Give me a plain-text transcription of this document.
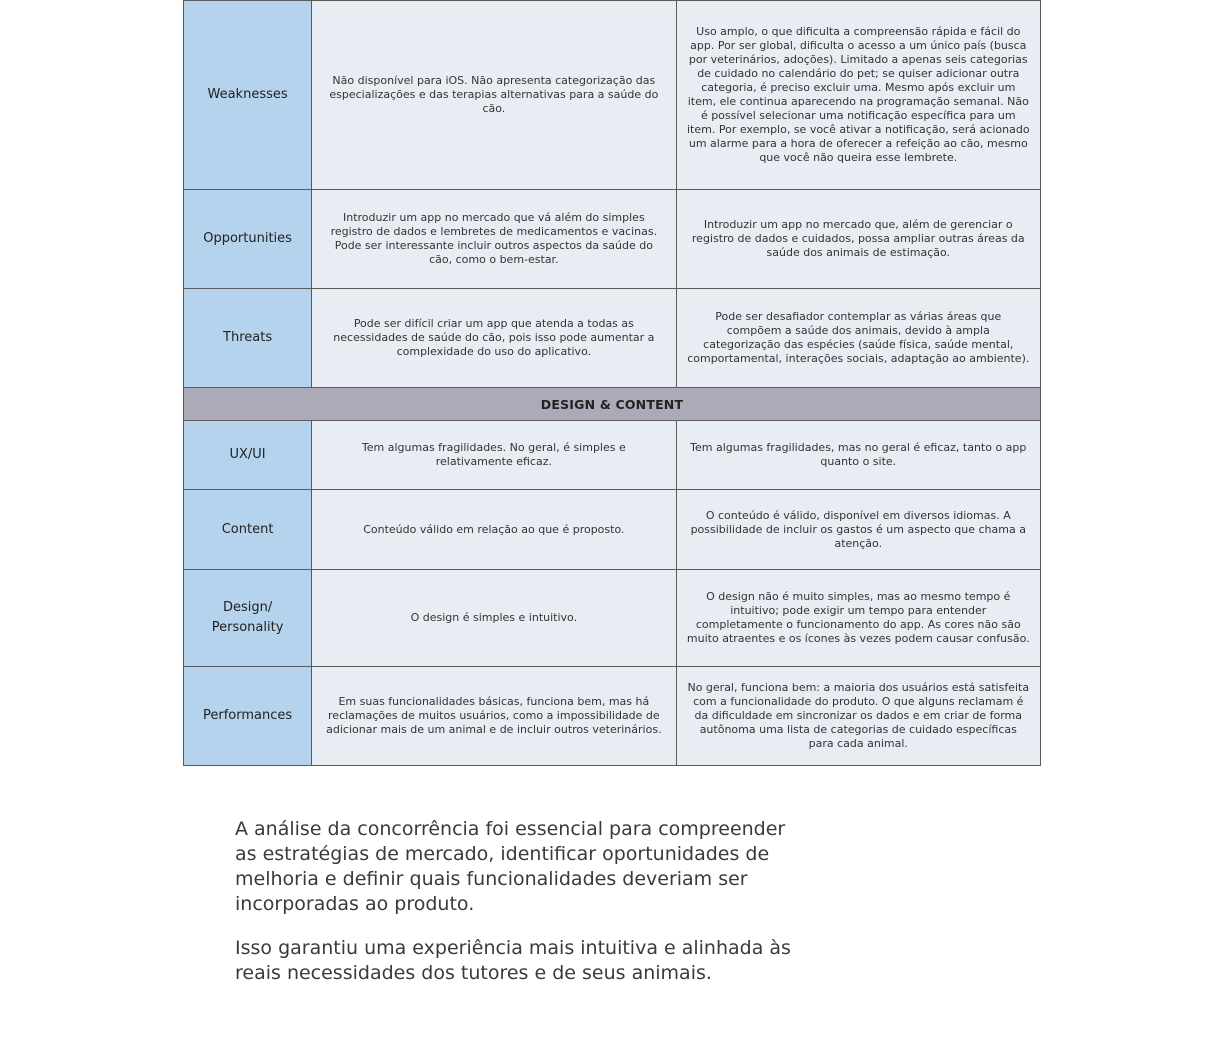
Weaknesses	Não disponível para iOS. Não apresenta categorização das especializações e das terapias alternativas para a saúde do cão.	Uso amplo, o que dificulta a compreensão rápida e fácil do app. Por ser global, dificulta o acesso a um único país (busca por veterinários, adoções). Limitado a apenas seis categorias de cuidado no calendário do pet; se quiser adicionar outra categoria, é preciso excluir uma. Mesmo após excluir um item, ele continua aparecendo na programação semanal. Não é possível selecionar uma notificação específica para um item. Por exemplo, se você ativar a notificação, será acionado um alarme para a hora de oferecer a refeição ao cão, mesmo que você não queira esse lembrete.
Opportunities	Introduzir um app no mercado que vá além do simples registro de dados e lembretes de medicamentos e vacinas. Pode ser interessante incluir outros aspectos da saúde do cão, como o bem-estar.	Introduzir um app no mercado que, além de gerenciar o registro de dados e cuidados, possa ampliar outras áreas da saúde dos animais de estimação.
Threats	Pode ser difícil criar um app que atenda a todas as necessidades de saúde do cão, pois isso pode aumentar a complexidade do uso do aplicativo.	Pode ser desafiador contemplar as várias áreas que compõem a saúde dos animais, devido à ampla categorização das espécies (saúde física, saúde mental, comportamental, interações sociais, adaptação ao ambiente).
DESIGN & CONTENT		
UX/UI	Tem algumas fragilidades. No geral, é simples e relativamente eficaz.	Tem algumas fragilidades, mas no geral é eficaz, tanto o app quanto o site.
Content	Conteúdo válido em relação ao que é proposto.	O conteúdo é válido, disponível em diversos idiomas. A possibilidade de incluir os gastos é um aspecto que chama a atenção.
Design/ Personality	O design é simples e intuitivo.	O design não é muito simples, mas ao mesmo tempo é intuitivo; pode exigir um tempo para entender completamente o funcionamento do app. As cores não são muito atraentes e os ícones às vezes podem causar confusão.
Performances	Em suas funcionalidades básicas, funciona bem, mas há reclamações de muitos usuários, como a impossibilidade de adicionar mais de um animal e de incluir outros veterinários.	No geral, funciona bem: a maioria dos usuários está satisfeita com a funcionalidade do produto. O que alguns reclamam é da dificuldade em sincronizar os dados e em criar de forma autônoma uma lista de categorias de cuidado específicas para cada animal.

A análise da concorrência foi essencial para compreender as estratégias de mercado, identificar oportunidades de melhoria e definir quais funcionalidades deveriam ser incorporadas ao produto.

Isso garantiu uma experiência mais intuitiva e alinhada às reais necessidades dos tutores e de seus animais.
